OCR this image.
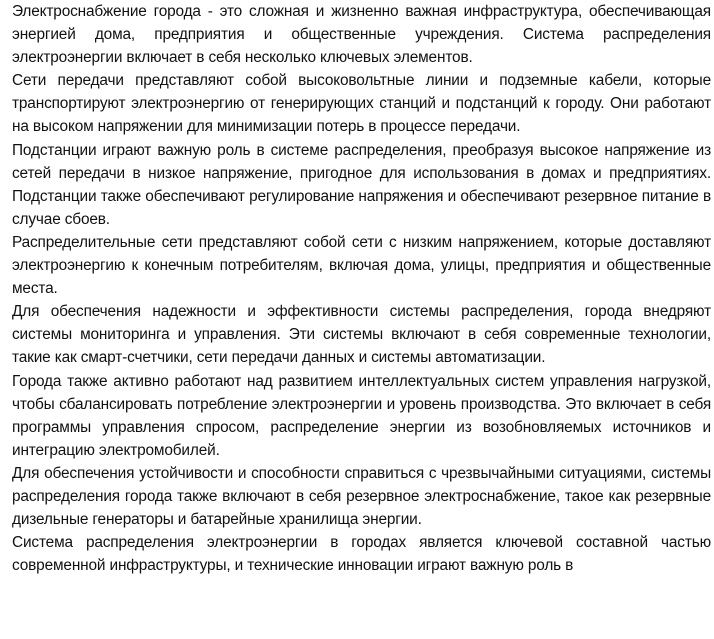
Электроснабжение города - это сложная и жизненно важная инфраструктура, обеспечивающая энергией дома, предприятия и общественные учреждения. Система распределения электроэнергии включает в себя несколько ключевых элементов.

Сети передачи представляют собой высоковольтные линии и подземные кабели, которые транспортируют электроэнергию от генерирующих станций и подстанций к городу. Они работают на высоком напряжении для минимизации потерь в процессе передачи.

Подстанции играют важную роль в системе распределения, преобразуя высокое напряжение из сетей передачи в низкое напряжение, пригодное для использования в домах и предприятиях. Подстанции также обеспечивают регулирование напряжения и обеспечивают резервное питание в случае сбоев.

Распределительные сети представляют собой сети с низким напряжением, которые доставляют электроэнергию к конечным потребителям, включая дома, улицы, предприятия и общественные места.

Для обеспечения надежности и эффективности системы распределения, города внедряют системы мониторинга и управления. Эти системы включают в себя современные технологии, такие как смарт-счетчики, сети передачи данных и системы автоматизации.

Города также активно работают над развитием интеллектуальных систем управления нагрузкой, чтобы сбалансировать потребление электроэнергии и уровень производства. Это включает в себя программы управления спросом, распределение энергии из возобновляемых источников и интеграцию электромобилей.

Для обеспечения устойчивости и способности справиться с чрезвычайными ситуациями, системы распределения города также включают в себя резервное электроснабжение, такое как резервные дизельные генераторы и батарейные хранилища энергии.

Система распределения электроэнергии в городах является ключевой составной частью современной инфраструктуры, и технические инновации играют важную роль в
